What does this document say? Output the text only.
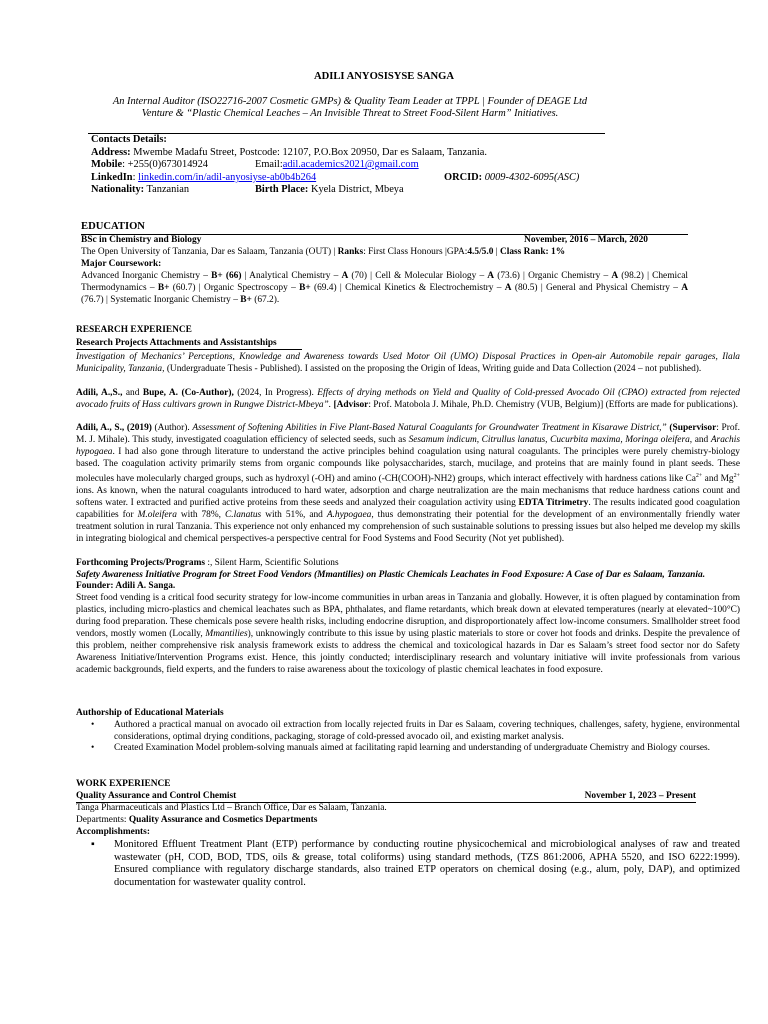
ADILI ANYOSISYSE SANGA
An Internal Auditor (ISO22716-2007 Cosmetic GMPs) & Quality Team Leader at TPPL | Founder of DEAGE Ltd Venture & “Plastic Chemical Leaches – An Invisible Threat to Street Food-Silent Harm” Initiatives.
Contacts Details:
Address: Mwembe Madafu Street, Postcode: 12107, P.O.Box 20950, Dar es Salaam, Tanzania.
Mobile: +255(0)673014924	Email:adil.academics2021@gmail.com
LinkedIn: linkedin.com/in/adil-anyosiyse-ab0b4b264	ORCID: 0009-4302-6095(ASC)
Nationality: Tanzanian	Birth Place: Kyela District, Mbeya
EDUCATION
BSc in Chemistry and Biology	November, 2016 – March, 2020
The Open University of Tanzania, Dar es Salaam, Tanzania (OUT) | Ranks: First Class Honours |GPA:4.5/5.0 | Class Rank: 1%
Major Coursework:
Advanced Inorganic Chemistry – B+ (66) | Analytical Chemistry – A (70) | Cell & Molecular Biology – A (73.6) | Organic Chemistry – A (98.2) | Chemical Thermodynamics – B+ (60.7) | Organic Spectroscopy – B+ (69.4) | Chemical Kinetics & Electrochemistry – A (80.5) | General and Physical Chemistry – A (76.7) | Systematic Inorganic Chemistry – B+ (67.2).
RESEARCH EXPERIENCE
Research Projects Attachments and Assistantships

Investigation of Mechanics’ Perceptions, Knowledge and Awareness towards Used Motor Oil (UMO) Disposal Practices in Open-air Automobile repair garages, Ilala Municipality, Tanzania, (Undergraduate Thesis - Published). I assisted on the proposing the Origin of Ideas, Writing guide and Data Collection (2024 – not published).

Adili, A.,S., and Bupe, A. (Co-Author), (2024, In Progress). Effects of drying methods on Yield and Quality of Cold-pressed Avocado Oil (CPAO) extracted from rejected avocado fruits of Hass cultivars grown in Rungwe District-Mbeya”. [Advisor: Prof. Matobola J. Mihale, Ph.D. Chemistry (VUB, Belgium)] (Efforts are made for publications).

Adili, A., S., (2019) (Author). Assessment of Softening Abilities in Five Plant-Based Natural Coagulants for Groundwater Treatment in Kisarawe District,” (Supervisor: Prof. M. J. Mihale). This study, investigated coagulation efficiency of selected seeds, such as Sesamum indicum, Citrullus lanatus, Cucurbita maxima, Moringa oleifera, and Arachis hypogaea. I had also gone through literature to understand the active principles behind coagulation using natural coagulants. The principles were purely chemistry-biology based. The coagulation activity primarily stems from organic compounds like polysaccharides, starch, mucilage, and proteins that are mainly found in plant seeds. These molecules have molecularly charged groups, such as hydroxyl (-OH) and amino (-CH(COOH)-NH2) groups, which interact effectively with hardness cations like $Ca^{2+}$ and $Mg^{2+}$ ions. As known, when the natural coagulants introduced to hard water, adsorption and charge neutralization are the main mechanisms that reduce hardness cations count and softens water. I extracted and purified active proteins from these seeds and analyzed their coagulation activity using EDTA Titrimetry. The results indicated good coagulation capabilities for M.oleifera with 78%, C.lanatus with 51%, and A.hypogaea, thus demonstrating their potential for the development of an environmentally friendly water treatment solution in rural Tanzania. This experience not only enhanced my comprehension of such sustainable solutions to pressing issues but also helped me develop my skills in integrating biological and chemical perspectives-a perspective central for Food Systems and Food Security (Not yet published).

Forthcoming Projects/Programs :, Silent Harm, Scientific Solutions

Safety Awareness Initiative Program for Street Food Vendors (Mmantilies) on Plastic Chemicals Leachates in Food Exposure: A Case of Dar es Salaam, Tanzania. Founder: Adili A. Sanga.

Street food vending is a critical food security strategy for low-income communities in urban areas in Tanzania and globally. However, it is often plagued by contamination from plastics, including micro-plastics and chemical leachates such as BPA, phthalates, and flame retardants, which break down at elevated temperatures (nearly at elevated~100°C) during food preparation. These chemicals pose severe health risks, including endocrine disruption, and disproportionately affect low-income consumers. Smallholder street food vendors, mostly women (Locally, Mmantilies), unknowingly contribute to this issue by using plastic materials to store or cover hot foods and drinks. Despite the prevalence of this problem, neither comprehensive risk analysis framework exists to address the chemical and toxicological hazards in Dar es Salaam’s street food sector nor do Safety Awareness Initiative/Intervention Programs exist. Hence, this jointly conducted; interdisciplinary research and voluntary initiative will invite professionals from various academic backgrounds, field experts, and the funders to raise awareness about the toxicology of plastic chemical leachates in food exposure.

Authorship of Educational Materials
• Authored a practical manual on avocado oil extraction from locally rejected fruits in Dar es Salaam, covering techniques, challenges, safety, hygiene, environmental considerations, optimal drying conditions, packaging, storage of cold-pressed avocado oil, and existing market analysis.
• Created Examination Model problem-solving manuals aimed at facilitating rapid learning and understanding of undergraduate Chemistry and Biology courses.
WORK EXPERIENCE
Quality Assurance and Control Chemist	November 1, 2023 – Present
Tanga Pharmaceuticals and Plastics Ltd – Branch Office, Dar es Salaam, Tanzania.
Departments: Quality Assurance and Cosmetics Departments
Accomplishments:
▪ Monitored Effluent Treatment Plant (ETP) performance by conducting routine physicochemical and microbiological analyses of raw and treated wastewater (pH, COD, BOD, TDS, oils & grease, total coliforms) using standard methods, (TZS 861:2006, APHA 5520, and ISO 6222:1999). Ensured compliance with regulatory discharge standards, also trained ETP operators on chemical dosing (e.g., alum, poly, DAP), and optimized documentation for wastewater quality control.
